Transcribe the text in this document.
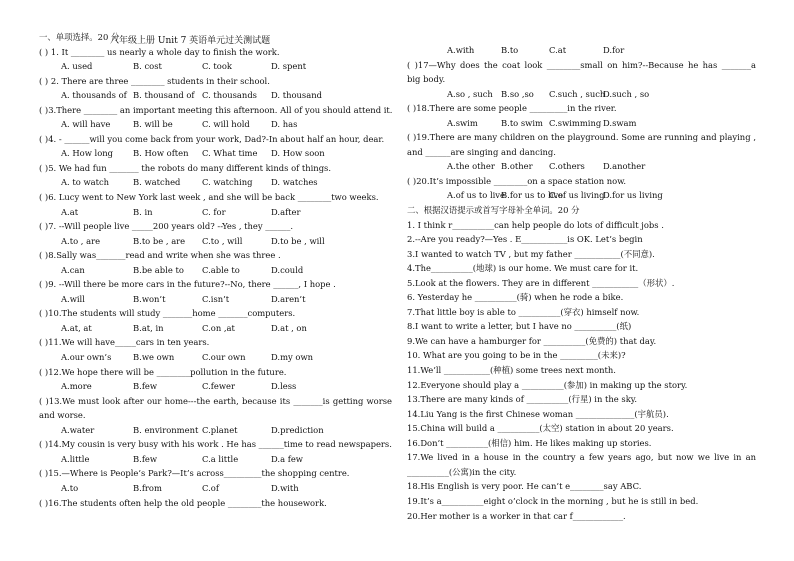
八年级上册 Unit 7 英语单元过关测试题
一、单项选择。20 分
( ) 1. It ________ us nearly a whole day to finish the work.
A. used	B. cost	C. took	D. spent
( ) 2. There are three ________ students in their school.
A. thousands of B. thousand of C. thousands D. thousand
( )3.There ________ an important meeting this afternoon. All of you should attend it.
A. will have	B. will be	C. will hold	D. has
( )4. - ______will you come back from your work, Dad?-In about half an hour, dear.
A. How long B. How often C. What time D. How soon
( )5. We had fun _______ the robots do many different kinds of things.
A. to watch	B. watched	C. watching D. watches
( )6. Lucy went to New York last week , and she will be back ________two weeks.
A.at	B. in	C. for	D.after
( )7. --Will people live _____200 years old? --Yes , they ______.
A.to , are	B.to be , are C.to , will	D.to be , will
( )8.Sally was_______read and write when she was three .
A.can	B.be able to C.able to	D.could
( )9. --Will there be more cars in the future?--No, there ______, I hope .
A.will	B.won’t	C.isn’t	D.aren’t
( )10.The students will study _______home _______computers.
A.at, at	B.at, in	C.on ,at	D.at , on
( )11.We will have_____cars in ten years.
A.our own’s	B.we own	C.our own	D.my own
( )12.We hope there will be ________pollution in the future.
A.more	B.few	C.fewer	D.less
( )13.We must look after our home---the earth, because its _______is getting worse
and worse.
A.water	B. environment C.planet	D.prediction
( )14.My cousin is very busy with his work . He has ______time to read newspapers.
A.little	B.few	C.a little	D.a few
( )15.—Where is People’s Park?—It’s across_________the shopping centre.
A.to	B.from	C.of	D.with
( )16.The students often help the old people ________the housework.
A.with	B.to	C.at	D.for
( )17—Why does the coat look ________small on him?--Because he has _______a
big body.
A.so , such B.so ,so C.such , such
D.such , so
( )18.There are some people _________in the river.
A.swim	B.to swim C.swimming D.swam
( )19.There are many children on the playground. Some are running and playing ,
and ______are singing and dancing.
A.the other B.other C.others D.another
( )20.It’s impossible ________on a space station now.
A.of us to live
B.for us to live
C.of us living
D.for us living
二、根据汉语提示或首写字母补全单词。20 分
1. I think r__________can help people do lots of difficult jobs .
2.--Are you ready?—Yes . E___________is OK. Let’s begin
3.I wanted to watch TV , but my father ___________(不同意).
4.The__________(地球) is our home. We must care for it.
5.Look at the flowers. They are in different ___________（形状）.
6. Yesterday he __________(骑) when he rode a bike.
7.That little boy is able to __________(穿衣) himself now.
8.I want to write a letter, but I have no __________(纸)
9.We can have a hamburger for __________(免费的) that day.
10. What are you going to be in the _________(未来)?
11.We’ll ___________(种植) some trees next month.
12.Everyone should play a __________(参加) in making up the story.
13.There are many kinds of __________(行星) in the sky.
14.Liu Yang is the first Chinese woman ______________(宇航员).
15.China will build a __________(太空) station in about 20 years.
16.Don’t __________(相信) him. He likes making up stories.
17.We lived in a house in the country a few years ago, but now we live in an
__________(公寓)in the city.
18.His English is very poor. He can’t e________say ABC.
19.It’s a__________eight o’clock in the morning , but he is still in bed.
20.Her mother is a worker in that car f____________.
